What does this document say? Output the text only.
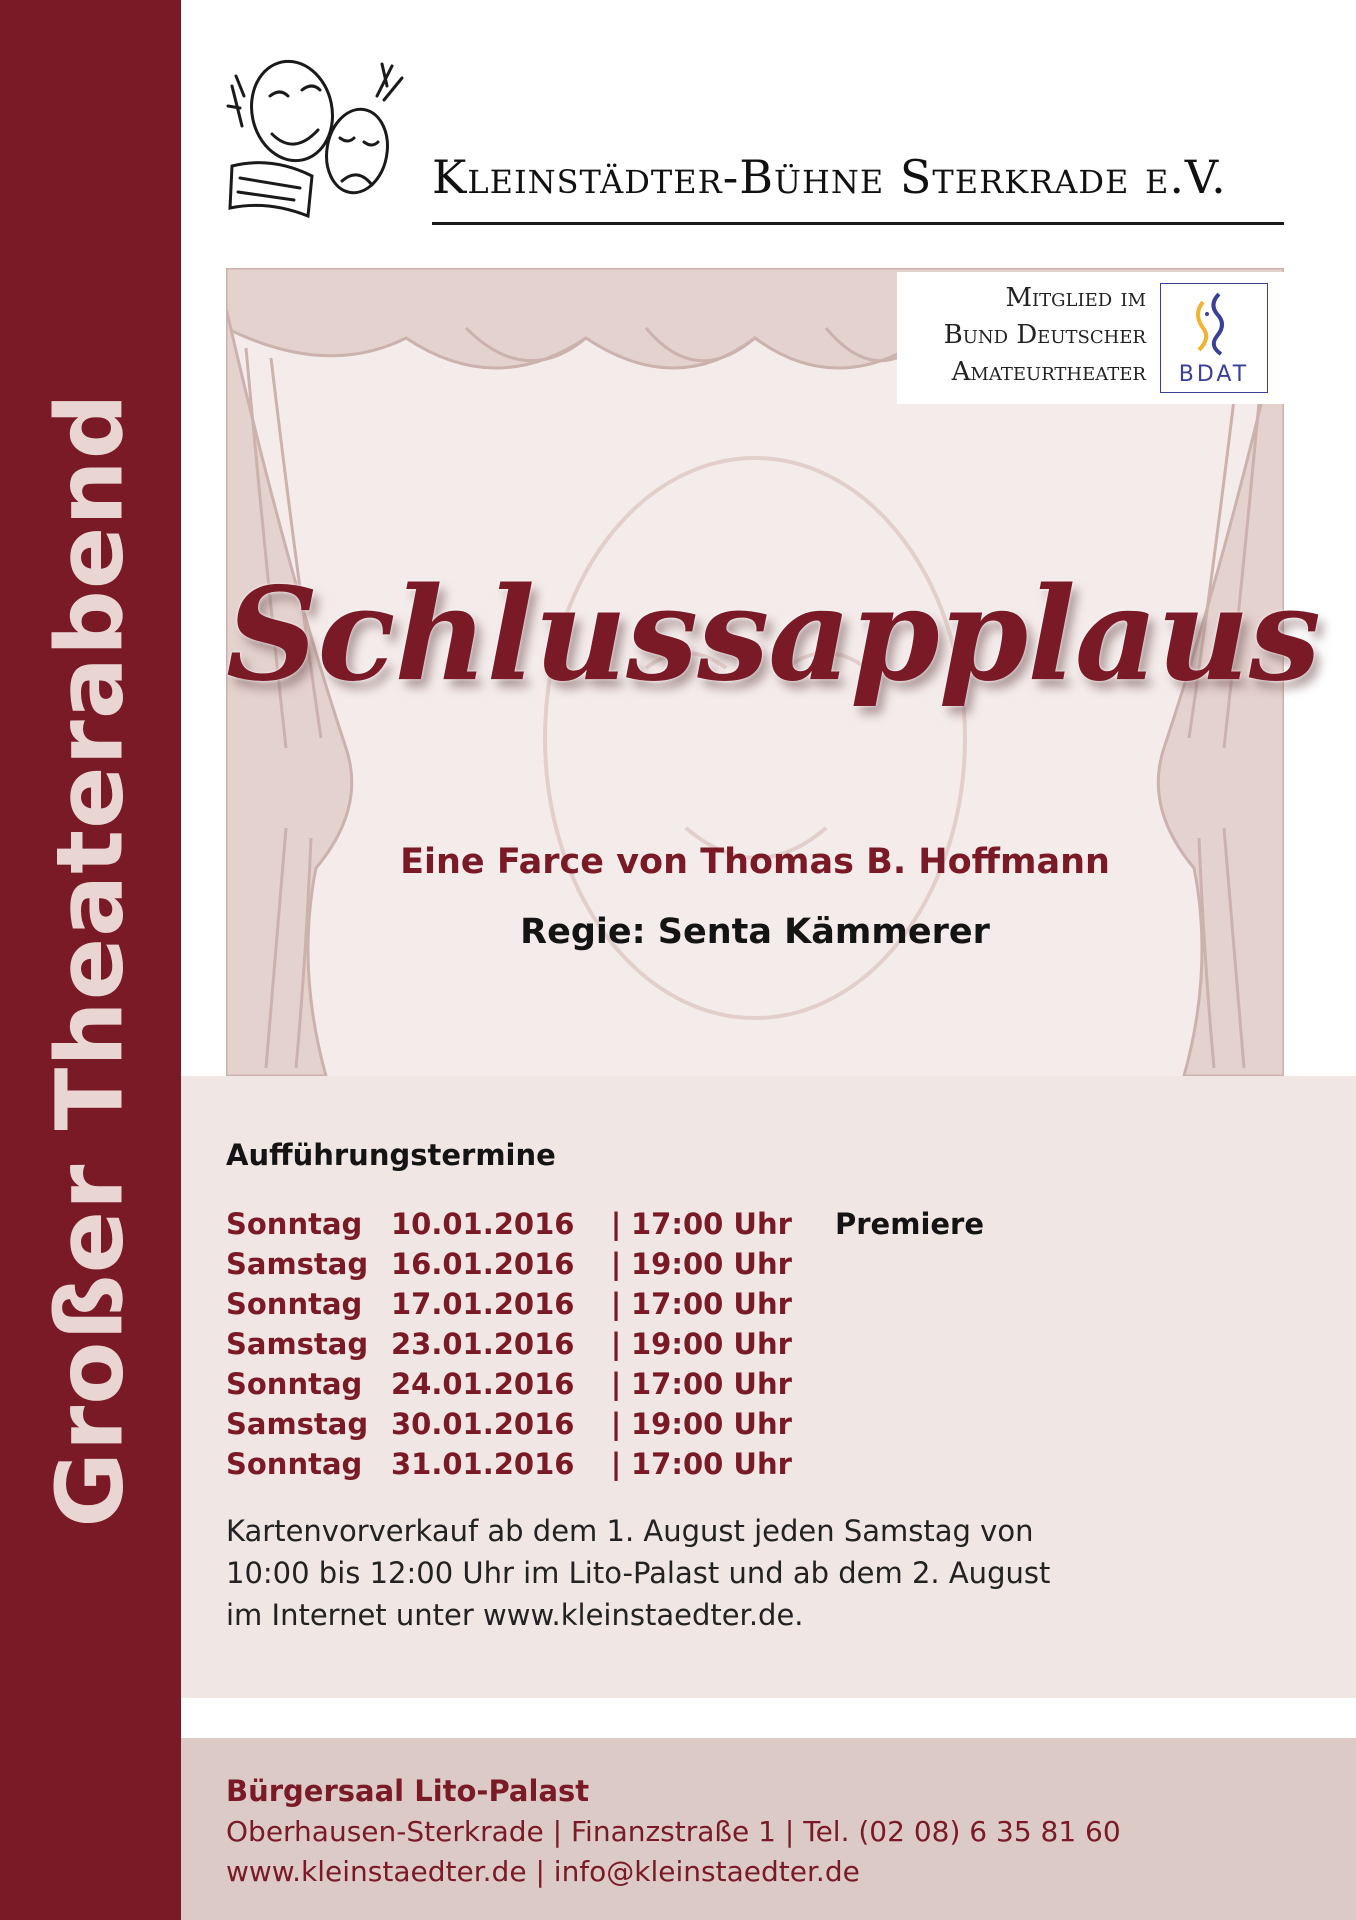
Großer Theaterabend
Kleinstädter-Bühne Sterkrade e.V.
Mitglied im
Bund Deutscher
Amateurtheater	BDAT
Schlussapplaus
Eine Farce von Thomas B. Hoffmann
Regie: Senta Kämmerer
Aufführungstermine
Sonntag 10.01.2016	| 17:00 Uhr	Premiere
Samstag 16.01.2016	| 19:00 Uhr
Sonntag 17.01.2016	| 17:00 Uhr
Samstag 23.01.2016	| 19:00 Uhr
Sonntag 24.01.2016	| 17:00 Uhr
Samstag 30.01.2016	| 19:00 Uhr
Sonntag 31.01.2016	| 17:00 Uhr
Kartenvorverkauf ab dem 1. August jeden Samstag von
10:00 bis 12:00 Uhr im Lito-Palast und ab dem 2. August
im Internet unter www.kleinstaedter.de.
Bürgersaal Lito-Palast
Oberhausen-Sterkrade | Finanzstraße 1 | Tel. (02 08) 6 35 81 60
www.kleinstaedter.de | info@kleinstaedter.de
